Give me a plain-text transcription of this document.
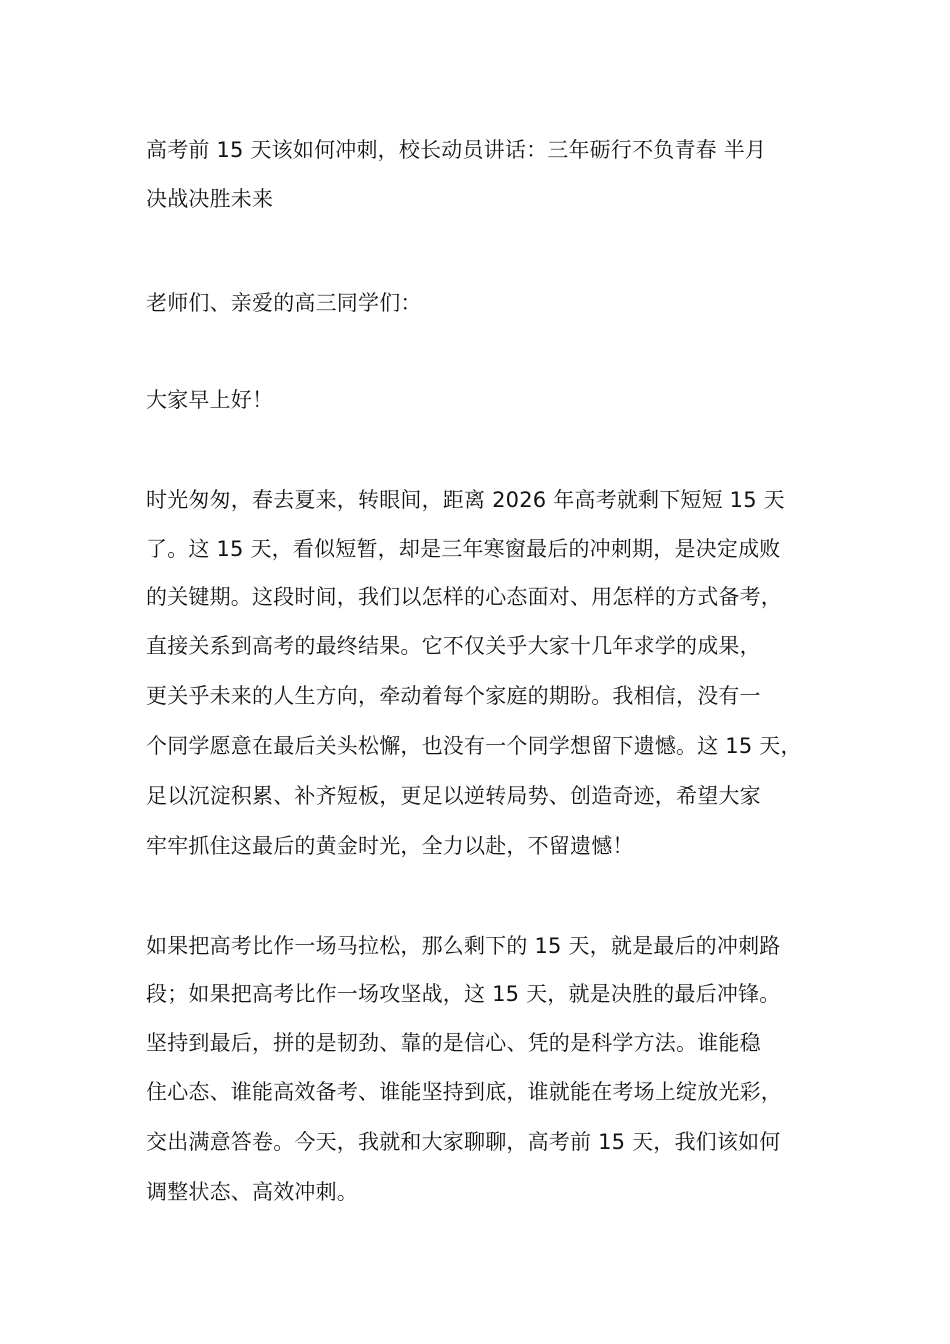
高考前 15 天该如何冲刺，校长动员讲话：三年砺行不负青春 半月
决战决胜未来
老师们、亲爱的高三同学们：
大家早上好！
时光匆匆，春去夏来，转眼间，距离 2026 年高考就剩下短短 15 天
了。这 15 天，看似短暂，却是三年寒窗最后的冲刺期，是决定成败
的关键期。这段时间，我们以怎样的心态面对、用怎样的方式备考，
直接关系到高考的最终结果。它不仅关乎大家十几年求学的成果，
更关乎未来的人生方向，牵动着每个家庭的期盼。我相信，没有一
个同学愿意在最后关头松懈，也没有一个同学想留下遗憾。这 15 天，
足以沉淀积累、补齐短板，更足以逆转局势、创造奇迹，希望大家
牢牢抓住这最后的黄金时光，全力以赴，不留遗憾！
如果把高考比作一场马拉松，那么剩下的 15 天，就是最后的冲刺路
段；如果把高考比作一场攻坚战，这 15 天，就是决胜的最后冲锋。
坚持到最后，拼的是韧劲、靠的是信心、凭的是科学方法。谁能稳
住心态、谁能高效备考、谁能坚持到底，谁就能在考场上绽放光彩，
交出满意答卷。今天，我就和大家聊聊，高考前 15 天，我们该如何
调整状态、高效冲刺。
